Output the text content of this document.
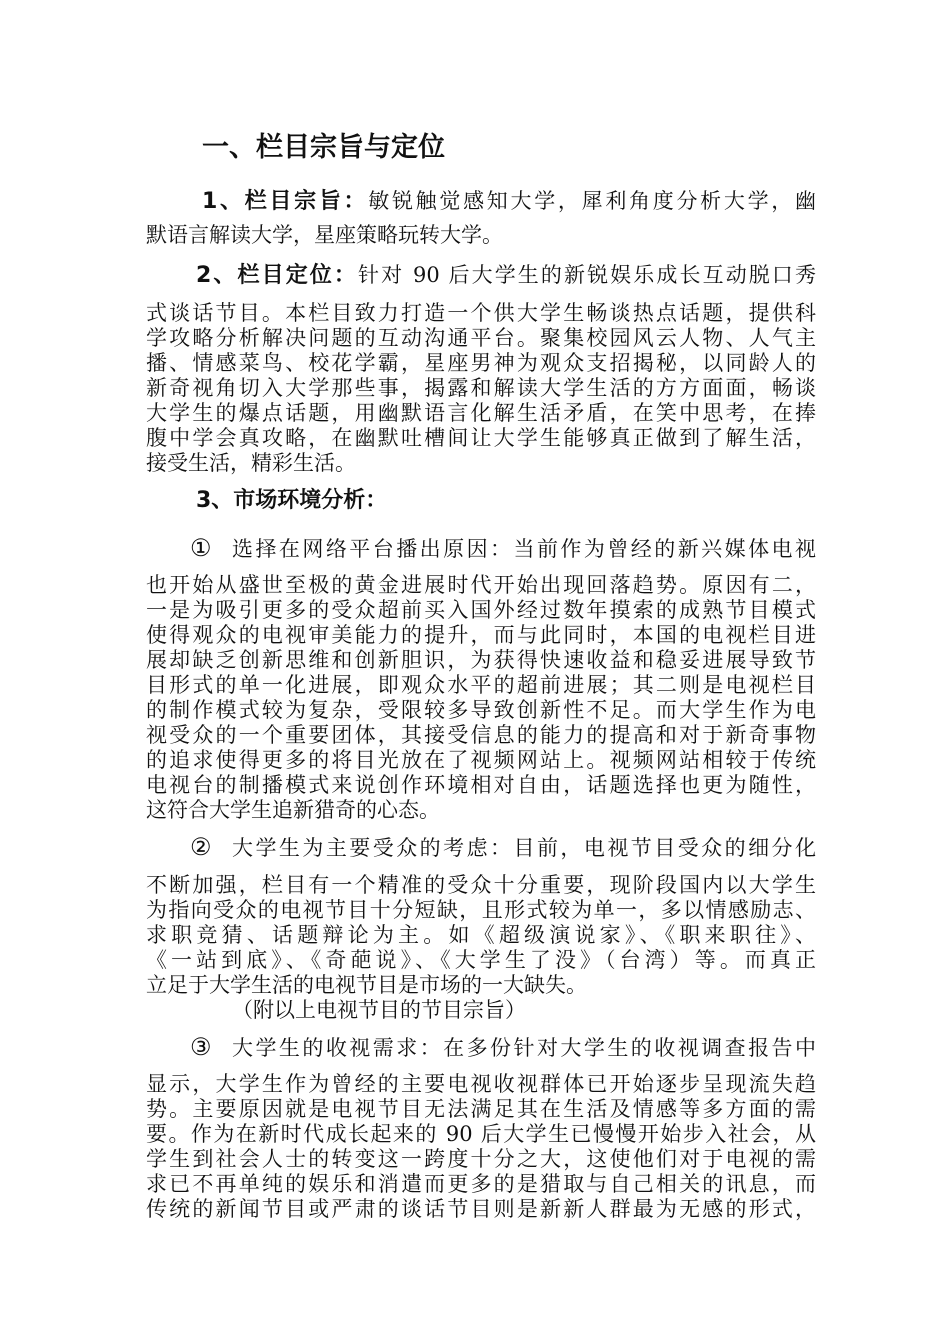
一、栏目宗旨与定位
1、栏目宗旨：敏锐触觉感知大学，犀利角度分析大学，幽
默语言解读大学，星座策略玩转大学。
2、栏目定位：针对 90 后大学生的新锐娱乐成长互动脱口秀
式谈话节目。本栏目致力打造一个供大学生畅谈热点话题，提供科
学攻略分析解决问题的互动沟通平台。聚集校园风云人物、人气主
播、情感菜鸟、校花学霸，星座男神为观众支招揭秘，以同龄人的
新奇视角切入大学那些事，揭露和解读大学生活的方方面面，畅谈
大学生的爆点话题，用幽默语言化解生活矛盾，在笑中思考，在捧
腹中学会真攻略，在幽默吐槽间让大学生能够真正做到了解生活，
接受生活，精彩生活。
3、市场环境分析：
① 选择在网络平台播出原因：当前作为曾经的新兴媒体电视
也开始从盛世至极的黄金进展时代开始出现回落趋势。原因有二，
一是为吸引更多的受众超前买入国外经过数年摸索的成熟节目模式
使得观众的电视审美能力的提升，而与此同时，本国的电视栏目进
展却缺乏创新思维和创新胆识，为获得快速收益和稳妥进展导致节
目形式的单一化进展，即观众水平的超前进展；其二则是电视栏目
的制作模式较为复杂，受限较多导致创新性不足。而大学生作为电
视受众的一个重要团体，其接受信息的能力的提高和对于新奇事物
的追求使得更多的将目光放在了视频网站上。视频网站相较于传统
电视台的制播模式来说创作环境相对自由，话题选择也更为随性，
这符合大学生追新猎奇的心态。
② 大学生为主要受众的考虑：目前，电视节目受众的细分化
不断加强，栏目有一个精准的受众十分重要，现阶段国内以大学生
为指向受众的电视节目十分短缺，且形式较为单一，多以情感励志、
求职竞猜、话题辩论为主。如《超级演说家》、《职来职往》、
《一站到底》、《奇葩说》、《大学生了没》（台湾）等。而真正
立足于大学生活的电视节目是市场的一大缺失。
（附以上电视节目的节目宗旨）
③ 大学生的收视需求：在多份针对大学生的收视调查报告中
显示，大学生作为曾经的主要电视收视群体已开始逐步呈现流失趋
势。主要原因就是电视节目无法满足其在生活及情感等多方面的需
要。作为在新时代成长起来的 90 后大学生已慢慢开始步入社会，从
学生到社会人士的转变这一跨度十分之大，这使他们对于电视的需
求已不再单纯的娱乐和消遣而更多的是猎取与自己相关的讯息，而
传统的新闻节目或严肃的谈话节目则是新新人群最为无感的形式，
